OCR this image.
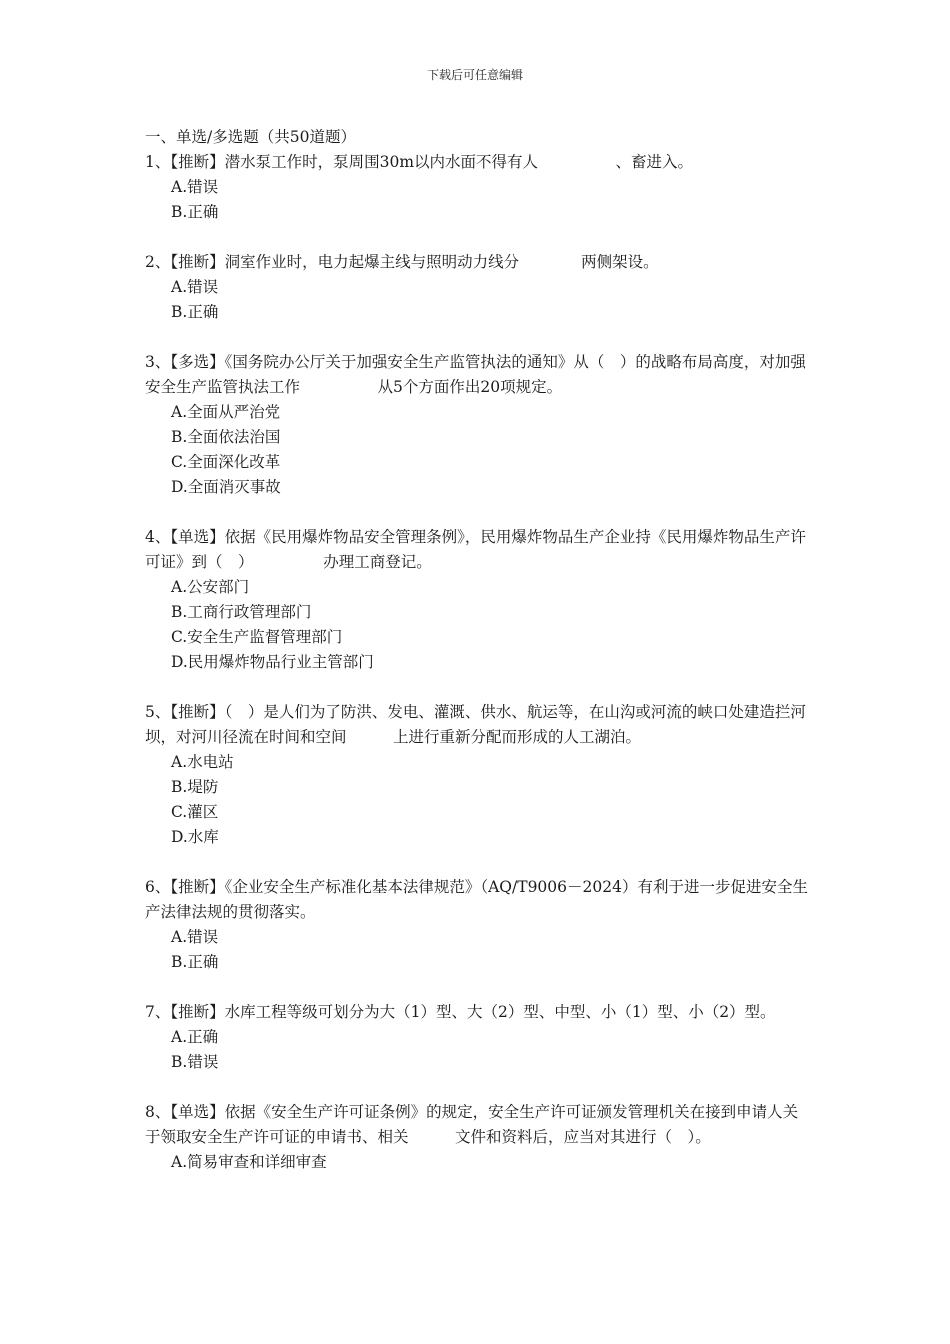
下载后可任意编辑

一、单选/多选题（共50道题）

1、【推断】潜水泵工作时，泵周围30m以内水面不得有人　　　　　、畜进入。

A.错误
B.正确

2、【推断】洞室作业时，电力起爆主线与照明动力线分　　　　两侧架设。

A.错误
B.正确

3、【多选】《国务院办公厅关于加强安全生产监管执法的通知》从（　）的战略布局高度，对加强安全生产监管执法工作　　　　　从5个方面作出20项规定。

A.全面从严治党
B.全面依法治国
C.全面深化改革
D.全面消灭事故

4、【单选】依据《民用爆炸物品安全管理条例》，民用爆炸物品生产企业持《民用爆炸物品生产许可证》到（　）　　　　　办理工商登记。

A.公安部门
B.工商行政管理部门
C.安全生产监督管理部门
D.民用爆炸物品行业主管部门

5、【推断】（　）是人们为了防洪、发电、灌溉、供水、航运等，在山沟或河流的峡口处建造拦河坝，对河川径流在时间和空间　　　上进行重新分配而形成的人工湖泊。

A.水电站
B.堤防
C.灌区
D.水库

6、【推断】《企业安全生产标准化基本法律规范》（AQ/T9006－2024）有利于进一步促进安全生产法律法规的贯彻落实。

A.错误
B.正确

7、【推断】水库工程等级可划分为大（1）型、大（2）型、中型、小（1）型、小（2）型。

A.正确
B.错误

8、【单选】依据《安全生产许可证条例》的规定，安全生产许可证颁发管理机关在接到申请人关于领取安全生产许可证的申请书、相关　　　文件和资料后，应当对其进行（　）。

A.简易审查和详细审查
